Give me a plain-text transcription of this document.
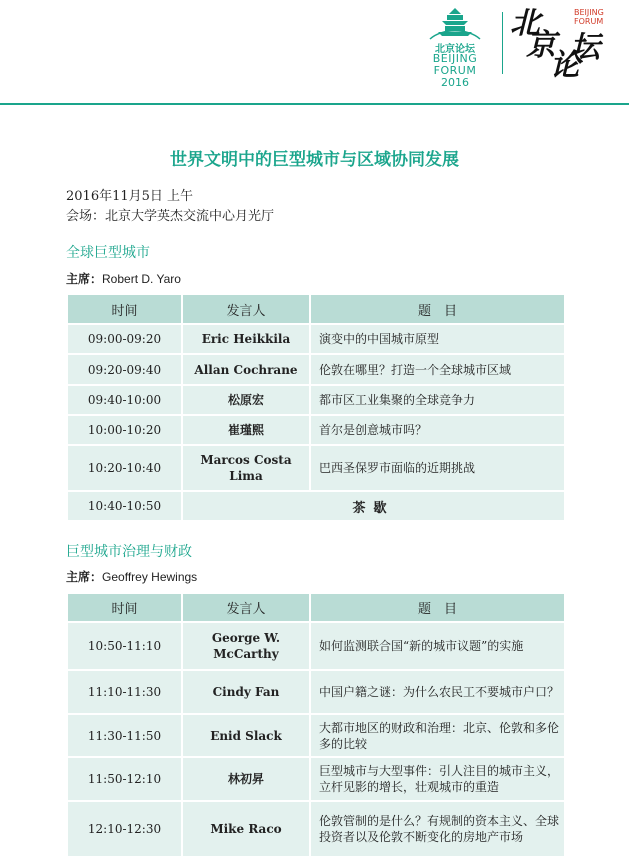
北京论坛
BEIJING
FORUM
2016
北
京
论
坛
BEIJING
FORUM
世界文明中的巨型城市与区域协同发展
2016年11月5日 上午
会场：北京大学英杰交流中心月光厅
全球巨型城市
主席：Robert D. Yaro
时间	发言人	题　目
09:00-09:20	Eric Heikkila	演变中的中国城市原型
09:20-09:40	Allan Cochrane	伦敦在哪里？打造一个全球城市区域
09:40-10:00	松原宏	都市区工业集聚的全球竞争力
10:00-10:20	崔瑾熙	首尔是创意城市吗？
10:20-10:40	Marcos Costa Lima	巴西圣保罗市面临的近期挑战
10:40-10:50	茶歇	
巨型城市治理与财政
主席：Geoffrey Hewings
时间	发言人	题　目
10:50-11:10	George W. McCarthy	如何监测联合国“新的城市议题”的实施
11:10-11:30	Cindy Fan	中国户籍之谜：为什么农民工不要城市户口？
11:30-11:50	Enid Slack	大都市地区的财政和治理：北京、伦敦和多伦多的比较
11:50-12:10	林初昇	巨型城市与大型事件：引人注目的城市主义，立杆见影的增长，壮观城市的重造
12:10-12:30	Mike Raco	伦敦管制的是什么？有规制的资本主义、全球投资者以及伦敦不断变化的房地产市场
